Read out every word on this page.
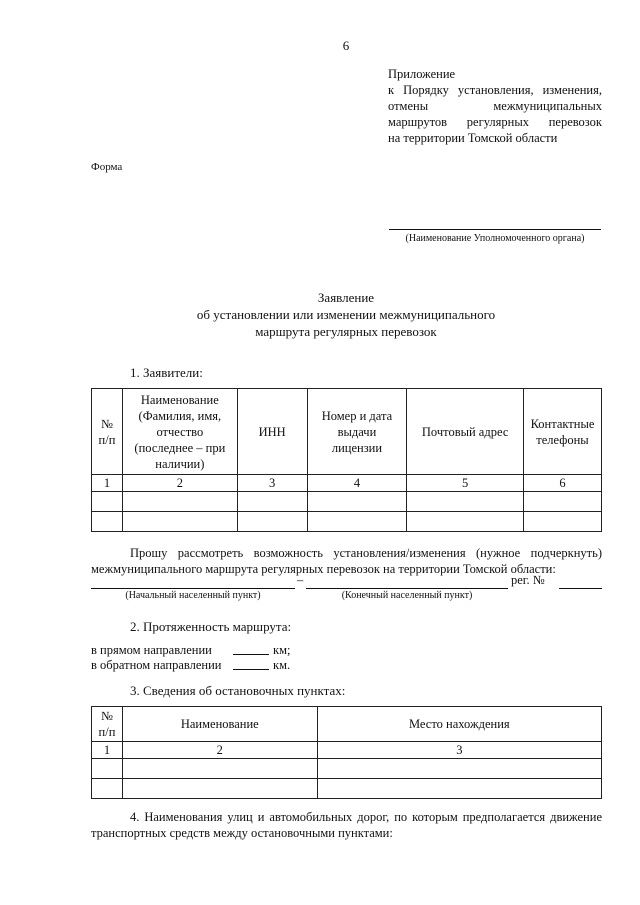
6
Приложение
к Порядку установления, изменения,
отмены межмуниципальных
маршрутов регулярных перевозок
на территории Томской области
Форма
(Наименование Уполномоченного органа)
Заявление
об установлении или изменении межмуниципального
маршрута регулярных перевозок
1. Заявители:
№ п/п	Наименование (Фамилия, имя, отчество (последнее – при наличии)	ИНН	Номер и дата выдачи лицензии	Почтовый адрес	Контактные телефоны
1	2	3	4	5	6

Прошу рассмотреть возможность установления/изменения (нужное подчеркнуть) межмуниципального маршрута регулярных перевозок на территории Томской области:
–	рег. №
(Начальный населенный пункт)	(Конечный населенный пункт)
2. Протяженность маршрута:
в прямом направлении	км;
в обратном направлении	км.
3. Сведения об остановочных пунктах:
№ п/п	Наименование	Место нахождения
1	2	3

4. Наименования улиц и автомобильных дорог, по которым предполагается движение транспортных средств между остановочными пунктами:
